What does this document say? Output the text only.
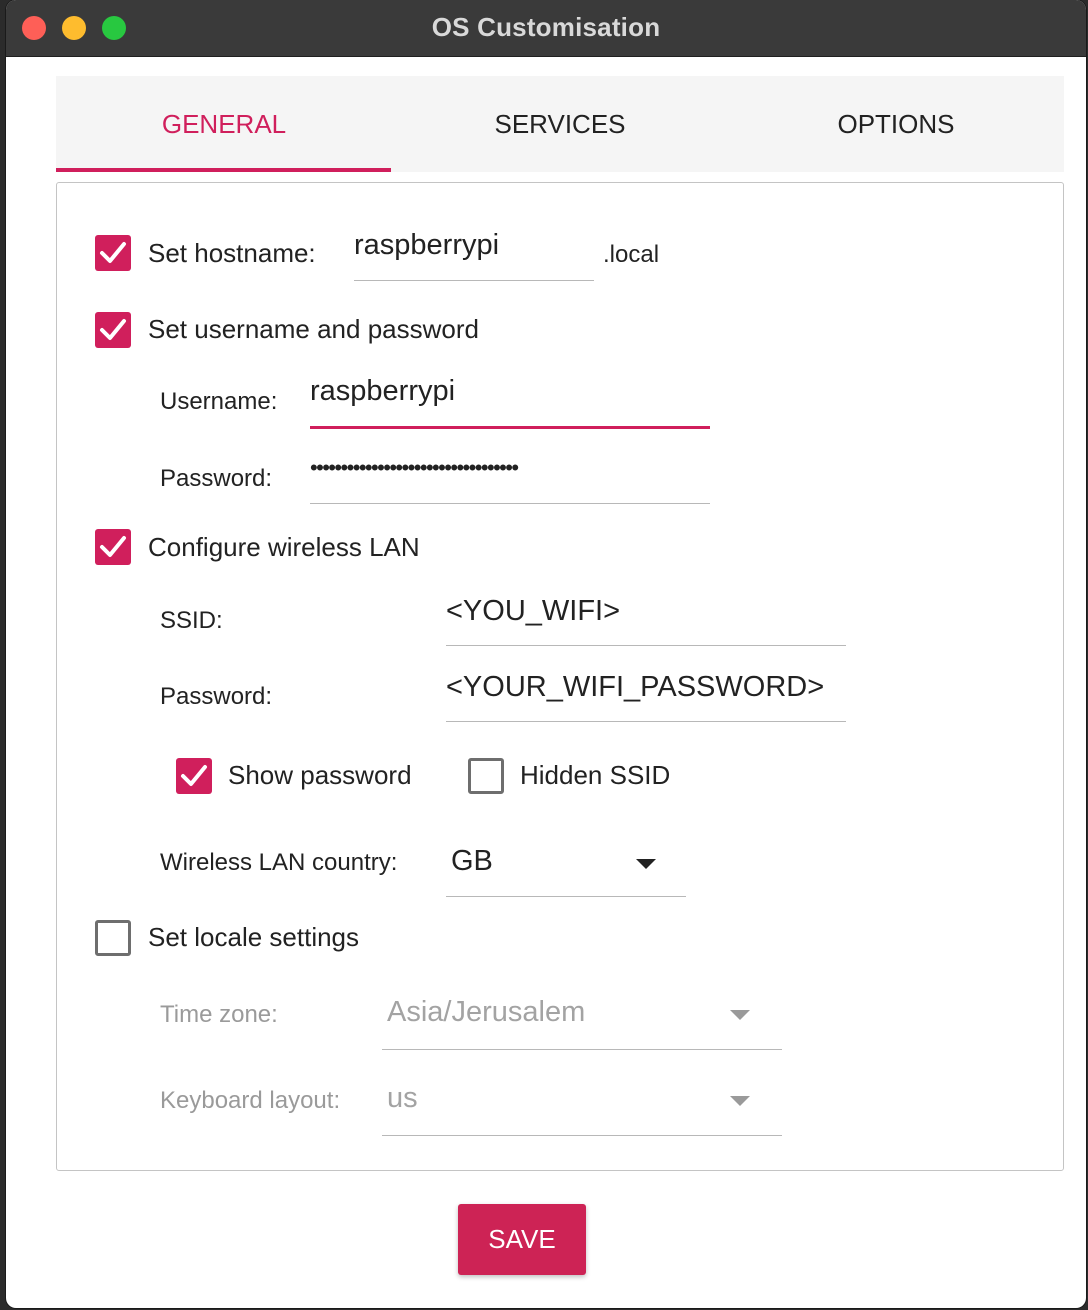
OS Customisation
GENERAL	SERVICES	OPTIONS
Set hostname: raspberrypi	.local
Set username and password
Username: raspberrypi
Password: ••••••••••••••••••••••••••••••••••
Configure wireless LAN
SSID:	<YOU_WIFI>
Password:	<YOUR_WIFI_PASSWORD>
Show password	Hidden SSID
Wireless LAN country: GB
Set locale settings
Time zone:	Asia/Jerusalem
Keyboard layout: us
SAVE
